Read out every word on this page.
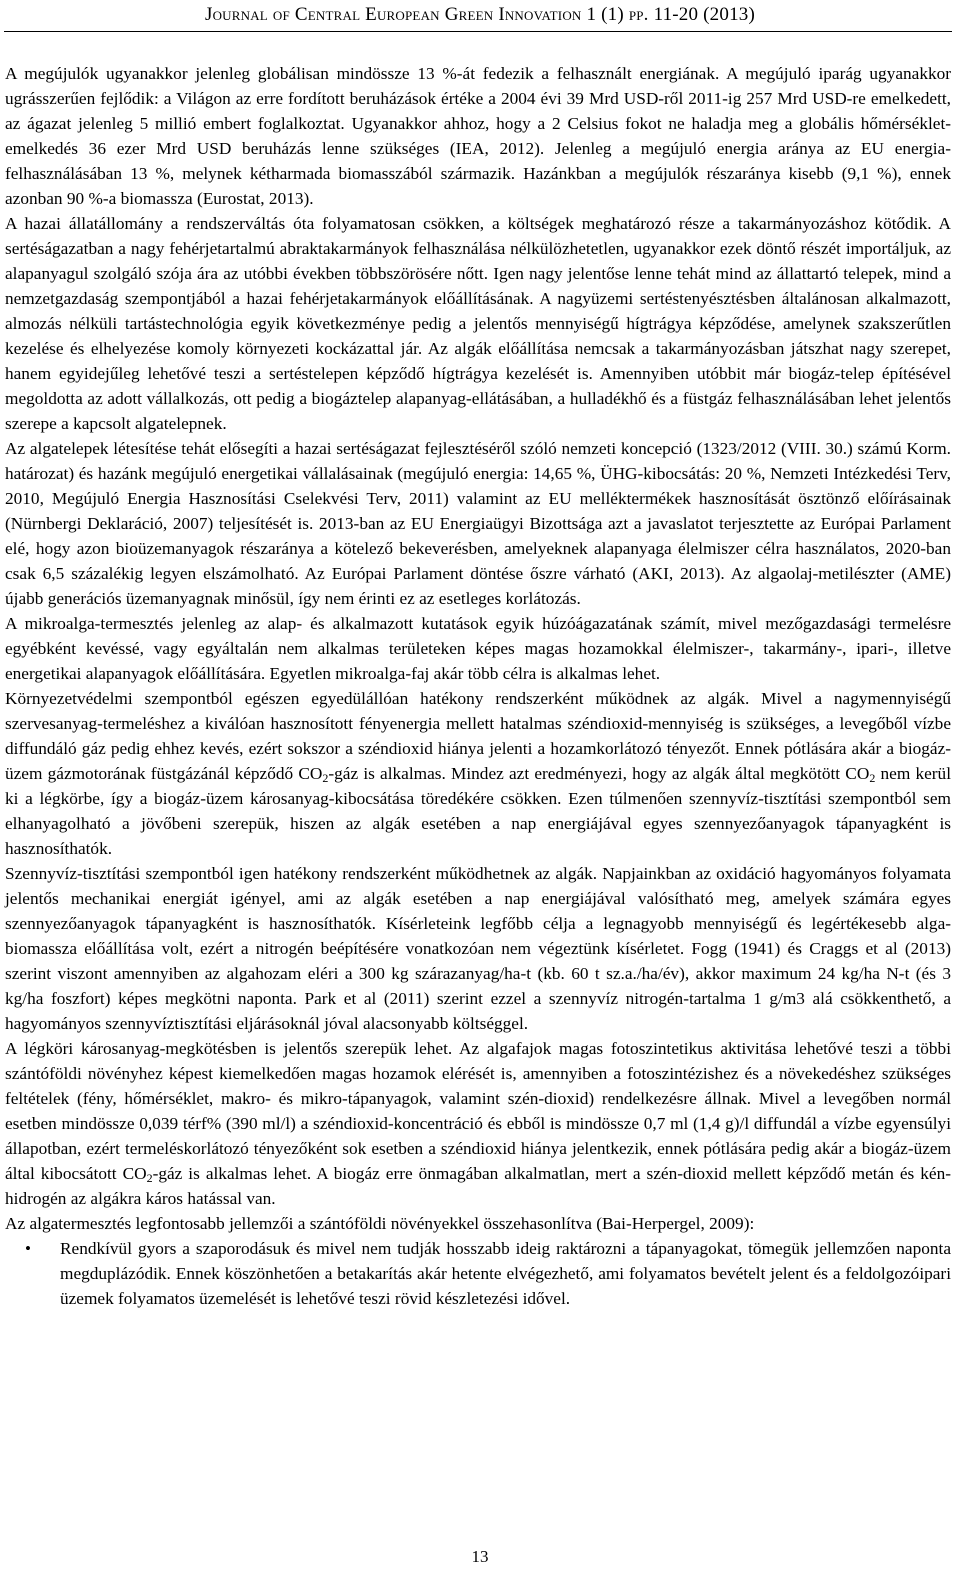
Journal of Central European Green Innovation 1 (1) pp. 11-20 (2013)

A megújulók ugyanakkor jelenleg globálisan mindössze 13 %-át fedezik a felhasznált energiának. A megújuló iparág ugyanakkor ugrásszerűen fejlődik: a Világon az erre fordított beruházások értéke a 2004 évi 39 Mrd USD-ről 2011-ig 257 Mrd USD-re emelkedett, az ágazat jelenleg 5 millió embert foglalkoztat. Ugyanakkor ahhoz, hogy a 2 Celsius fokot ne haladja meg a globális hőmérséklet-emelkedés 36 ezer Mrd USD beruházás lenne szükséges (IEA, 2012). Jelenleg a megújuló energia aránya az EU energia-felhasználásában 13 %, melynek kétharmada biomasszából származik. Hazánkban a megújulók részaránya kisebb (9,1 %), ennek azonban 90 %-a biomassza (Eurostat, 2013).

A hazai állatállomány a rendszerváltás óta folyamatosan csökken, a költségek meghatározó része a takarmányozáshoz kötődik. A sertéságazatban a nagy fehérjetartalmú abraktakarmányok felhasználása nélkülözhetetlen, ugyanakkor ezek döntő részét importáljuk, az alapanyagul szolgáló szója ára az utóbbi években többszörösére nőtt. Igen nagy jelentőse lenne tehát mind az állattartó telepek, mind a nemzetgazdaság szempontjából a hazai fehérjetakarmányok előállításának. A nagyüzemi sertéstenyésztésben általánosan alkalmazott, almozás nélküli tartástechnológia egyik következménye pedig a jelentős mennyiségű hígtrágya képződése, amelynek szakszerűtlen kezelése és elhelyezése komoly környezeti kockázattal jár. Az algák előállítása nemcsak a takarmányozásban játszhat nagy szerepet, hanem egyidejűleg lehetővé teszi a sertéstelepen képződő hígtrágya kezelését is. Amennyiben utóbbit már biogáz-telep építésével megoldotta az adott vállalkozás, ott pedig a biogáztelep alapanyag-ellátásában, a hulladékhő és a füstgáz felhasználásában lehet jelentős szerepe a kapcsolt algatelepnek.

Az algatelepek létesítése tehát elősegíti a hazai sertéságazat fejlesztéséről szóló nemzeti koncepció (1323/2012 (VIII. 30.) számú Korm. határozat) és hazánk megújuló energetikai vállalásainak (megújuló energia: 14,65 %, ÜHG-kibocsátás: 20 %, Nemzeti Intézkedési Terv, 2010, Megújuló Energia Hasznosítási Cselekvési Terv, 2011) valamint az EU melléktermékek hasznosítását ösztönző előírásainak (Nürnbergi Deklaráció, 2007) teljesítését is. 2013-ban az EU Energiaügyi Bizottsága azt a javaslatot terjesztette az Európai Parlament elé, hogy azon bioüzemanyagok részaránya a kötelező bekeverésben, amelyeknek alapanyaga élelmiszer célra használatos, 2020-ban csak 6,5 százalékig legyen elszámolható. Az Európai Parlament döntése őszre várható (AKI, 2013). Az algaolaj-metilészter (AME) újabb generációs üzemanyagnak minősül, így nem érinti ez az esetleges korlátozás.

A mikroalga-termesztés jelenleg az alap- és alkalmazott kutatások egyik húzóágazatának számít, mivel mezőgazdasági termelésre egyébként kevéssé, vagy egyáltalán nem alkalmas területeken képes magas hozamokkal élelmiszer-, takarmány-, ipari-, illetve energetikai alapanyagok előállítására. Egyetlen mikroalga-faj akár több célra is alkalmas lehet.

Környezetvédelmi szempontból egészen egyedülállóan hatékony rendszerként működnek az algák. Mivel a nagymennyiségű szervesanyag-termeléshez a kiválóan hasznosított fényenergia mellett hatalmas széndioxid-mennyiség is szükséges, a levegőből vízbe diffundáló gáz pedig ehhez kevés, ezért sokszor a széndioxid hiánya jelenti a hozamkorlátozó tényezőt. Ennek pótlására akár a biogáz-üzem gázmotorának füstgázánál képződő $CO_2$-gáz is alkalmas. Mindez azt eredményezi, hogy az algák által megkötött $CO_2$ nem kerül ki a légkörbe, így a biogáz-üzem károsanyag-kibocsátása töredékére csökken. Ezen túlmenően szennyvíz-tisztítási szempontból sem elhanyagolható a jövőbeni szerepük, hiszen az algák esetében a nap energiájával egyes szennyezőanyagok tápanyagként is hasznosíthatók.

Szennyvíz-tisztítási szempontból igen hatékony rendszerként működhetnek az algák. Napjainkban az oxidáció hagyományos folyamata jelentős mechanikai energiát igényel, ami az algák esetében a nap energiájával valósítható meg, amelyek számára egyes szennyezőanyagok tápanyagként is hasznosíthatók. Kísérleteink legfőbb célja a legnagyobb mennyiségű és legértékesebb alga-biomassza előállítása volt, ezért a nitrogén beépítésére vonatkozóan nem végeztünk kísérletet. Fogg (1941) és Craggs et al (2013) szerint viszont amennyiben az algahozam eléri a 300 kg szárazanyag/ha-t (kb. 60 t sz.a./ha/év), akkor maximum 24 kg/ha N-t (és 3 kg/ha foszfort) képes megkötni naponta. Park et al (2011) szerint ezzel a szennyvíz nitrogén-tartalma 1 g/m3 alá csökkenthető, a hagyományos szennyvíztisztítási eljárásoknál jóval alacsonyabb költséggel.

A légköri károsanyag-megkötésben is jelentős szerepük lehet. Az algafajok magas fotoszintetikus aktivitása lehetővé teszi a többi szántóföldi növényhez képest kiemelkedően magas hozamok elérését is, amennyiben a fotoszintézishez és a növekedéshez szükséges feltételek (fény, hőmérséklet, makro- és mikro-tápanyagok, valamint szén-dioxid) rendelkezésre állnak. Mivel a levegőben normál esetben mindössze 0,039 térf% (390 ml/l) a széndioxid-koncentráció és ebből is mindössze 0,7 ml (1,4 g)/l diffundál a vízbe egyensúlyi állapotban, ezért termeléskorlátozó tényezőként sok esetben a széndioxid hiánya jelentkezik, ennek pótlására pedig akár a biogáz-üzem által kibocsátott $CO_2$-gáz is alkalmas lehet. A biogáz erre önmagában alkalmatlan, mert a szén-dioxid mellett képződő metán és kén-hidrogén az algákra káros hatással van.

Az algatermesztés legfontosabb jellemzői a szántóföldi növényekkel összehasonlítva (Bai-Herpergel, 2009):

• Rendkívül gyors a szaporodásuk és mivel nem tudják hosszabb ideig raktározni a tápanyagokat, tömegük jellemzően naponta megduplázódik. Ennek köszönhetően a betakarítás akár hetente elvégezhető, ami folyamatos bevételt jelent és a feldolgozóipari üzemek folyamatos üzemelését is lehetővé teszi rövid készletezési idővel.
13
